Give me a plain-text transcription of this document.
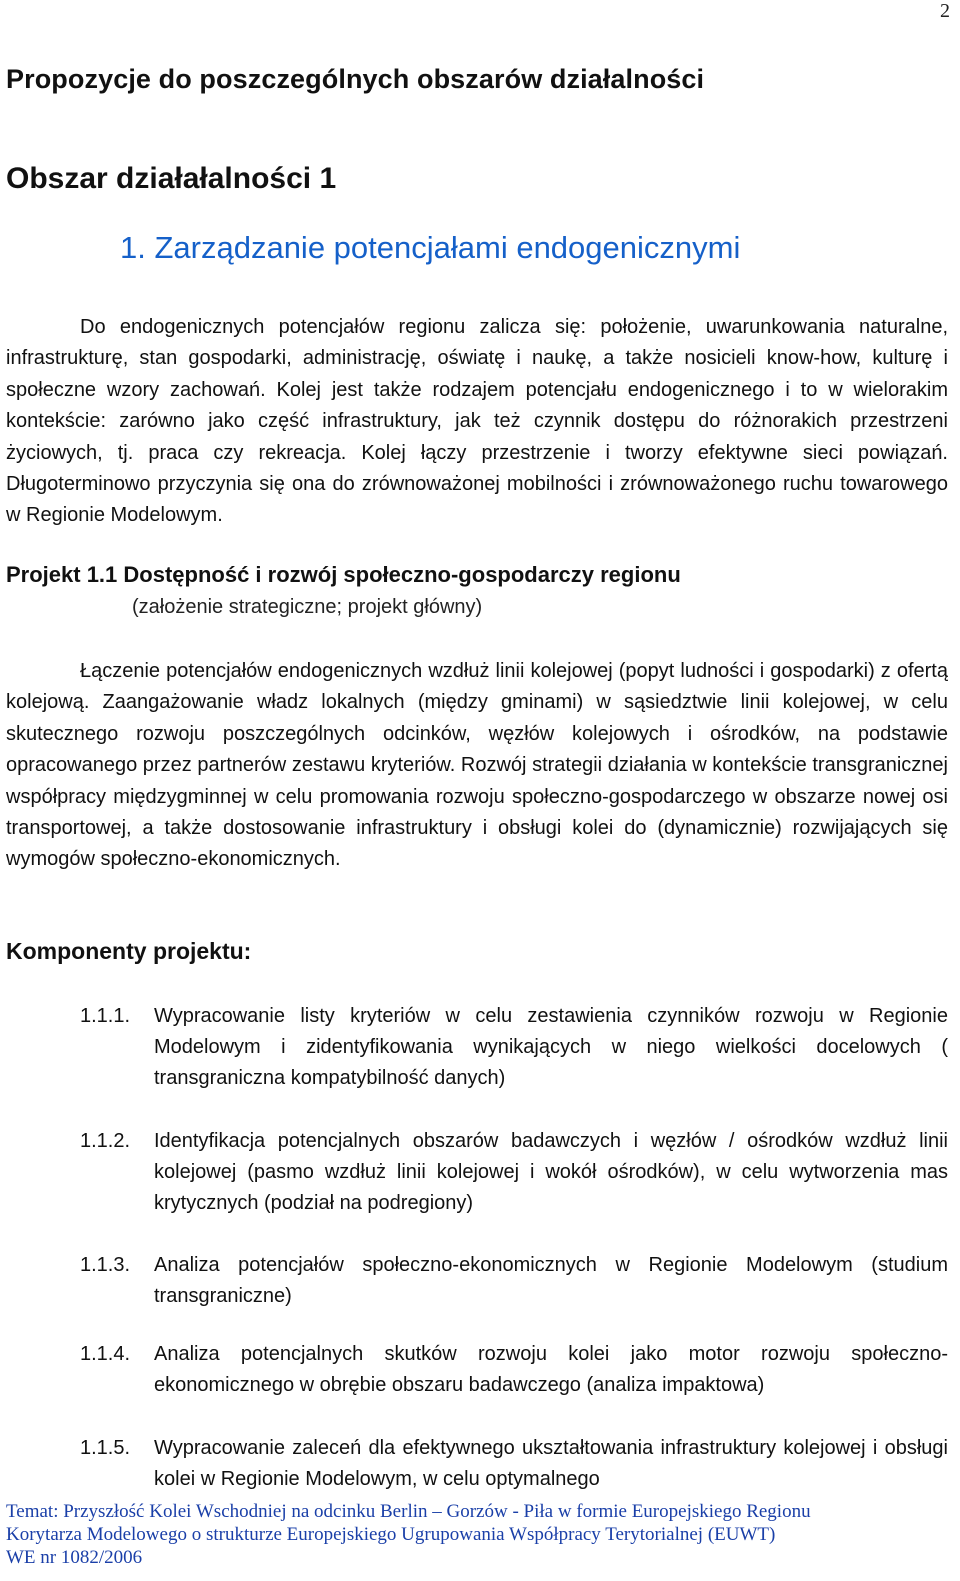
2
Propozycje do poszczególnych obszarów działalności
Obszar działałalności 1
1. Zarządzanie potencjałami endogenicznymi
Do endogenicznych potencjałów regionu zalicza się: położenie, uwarunkowania naturalne, infrastrukturę, stan gospodarki, administrację, oświatę i naukę, a także nosicieli know-how, kulturę i społeczne wzory zachowań. Kolej jest także rodzajem potencjału endogenicznego i to w wielorakim kontekście: zarówno jako część infrastruktury, jak też czynnik dostępu do różnorakich przestrzeni życiowych, tj. praca czy rekreacja. Kolej łączy przestrzenie i tworzy efektywne sieci powiązań. Długoterminowo przyczynia się ona do zrównoważonej mobilności i zrównoważonego ruchu towarowego w Regionie Modelowym.
Projekt 1.1 Dostępność i rozwój społeczno-gospodarczy regionu
(założenie strategiczne; projekt główny)
Łączenie potencjałów endogenicznych wzdłuż linii kolejowej (popyt ludności i gospodarki) z ofertą kolejową. Zaangażowanie władz lokalnych (między gminami) w sąsiedztwie linii kolejowej, w celu skutecznego rozwoju poszczególnych odcinków, węzłów kolejowych i ośrodków, na podstawie opracowanego przez partnerów zestawu kryteriów. Rozwój strategii działania w kontekście transgranicznej współpracy międzygminnej w celu promowania rozwoju społeczno-gospodarczego w obszarze nowej osi transportowej, a także dostosowanie infrastruktury i obsługi kolei do (dynamicznie) rozwijających się wymogów społeczno-ekonomicznych.
Komponenty projektu:
1.1.1. Wypracowanie listy kryteriów w celu zestawienia czynników rozwoju w Regionie Modelowym i zidentyfikowania wynikających w niego wielkości docelowych ( transgraniczna kompatybilność danych)
1.1.2. Identyfikacja potencjalnych obszarów badawczych i węzłów / ośrodków wzdłuż linii kolejowej (pasmo wzdłuż linii kolejowej i wokół ośrodków), w celu wytworzenia mas krytycznych (podział na podregiony)
1.1.3. Analiza potencjałów społeczno-ekonomicznych w Regionie Modelowym (studium transgraniczne)
1.1.4. Analiza potencjalnych skutków rozwoju kolei jako motor rozwoju społeczno-ekonomicznego w obrębie obszaru badawczego (analiza impaktowa)
1.1.5. Wypracowanie zaleceń dla efektywnego ukształtowania infrastruktury kolejowej i obsługi kolei w Regionie Modelowym, w celu optymalnego
Temat: Przyszłość Kolei Wschodniej na odcinku Berlin – Gorzów - Piła w formie Europejskiego Regionu
Korytarza Modelowego o strukturze Europejskiego Ugrupowania Współpracy Terytorialnej (EUWT)
WE nr 1082/2006
